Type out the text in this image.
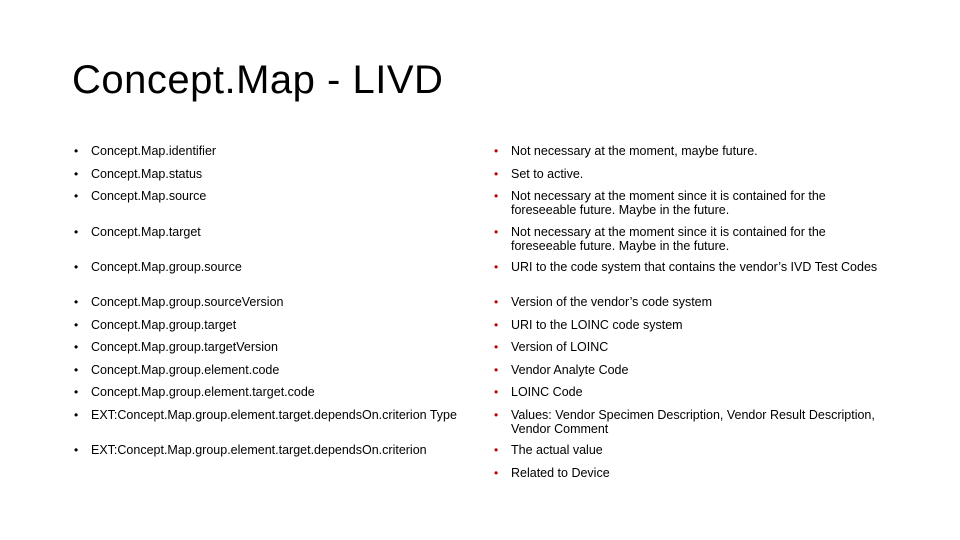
Concept.Map - LIVD
• Concept.Map.identifier
• Concept.Map.status
• Concept.Map.source
• Concept.Map.target
• Concept.Map.group.source
• Concept.Map.group.sourceVersion
• Concept.Map.group.target
• Concept.Map.group.targetVersion
• Concept.Map.group.element.code
• Concept.Map.group.element.target.code
• EXT:Concept.Map.group.element.target.dependsOn.criterion Type
• EXT:Concept.Map.group.element.target.dependsOn.criterion
• Not necessary at the moment, maybe future.
• Set to active.
• Not necessary at the moment since it is contained for the foreseeable future. Maybe in the future.
• Not necessary at the moment since it is contained for the foreseeable future. Maybe in the future.
• URI to the code system that contains the vendor’s IVD Test Codes
• Version of the vendor’s code system
• URI to the LOINC code system
• Version of LOINC
• Vendor Analyte Code
• LOINC Code
• Values: Vendor Specimen Description, Vendor Result Description, Vendor Comment
• The actual value
• Related to Device
